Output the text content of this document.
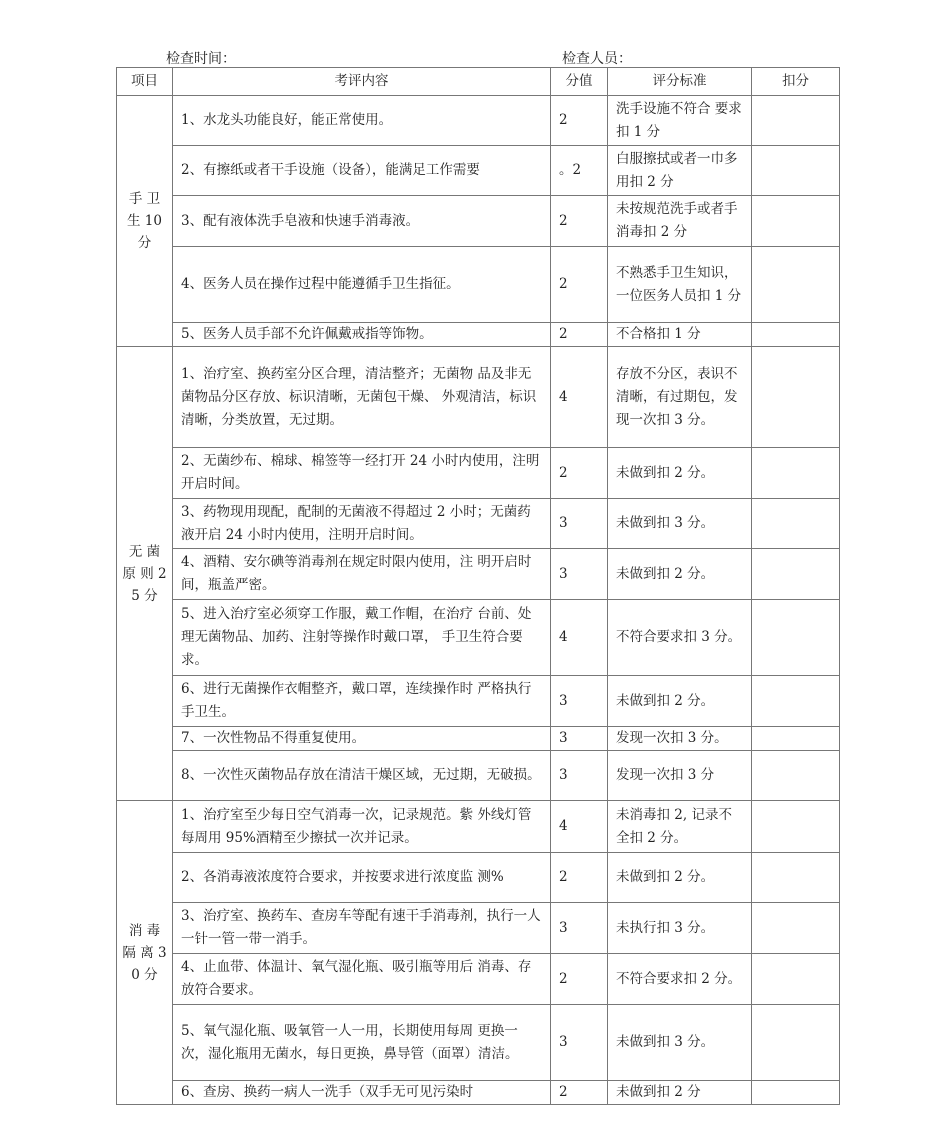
检查时间：	检查人员：
项目	考评内容	分值	评分标准	扣分
手 卫 生 10 分	1、水龙头功能良好，能正常使用。	2	洗手设施不符合 要求扣 1 分	
	2、有擦纸或者干手设施（设备），能满足工作需要	。2	白服擦拭或者一巾多用扣 2 分	
	3、配有液体洗手皂液和快速手消毒液。	2	未按规范洗手或者手消毒扣 2 分	
	4、医务人员在操作过程中能遵循手卫生指征。	2	不熟悉手卫生知识，一位医务人员扣 1 分	
	5、医务人员手部不允许佩戴戒指等饰物。	2	不合格扣 1 分	
无 菌 原 则 2 5 分	1、治疗室、换药室分区合理，清洁整齐；无菌物 品及非无菌物品分区存放、标识清晰，无菌包干燥、 外观清洁，标识清晰，分类放置，无过期。	4	存放不分区，表识不清晰，有过期包，发现一次扣 3 分。	
	2、无菌纱布、棉球、棉签等一经打开 24 小时内使用，注明开启时间。	2	未做到扣 2 分。	
	3、药物现用现配，配制的无菌液不得超过 2 小时；无菌药液开启 24 小时内使用，注明开启时间。	3	未做到扣 3 分。	
	4、酒精、安尔碘等消毒剂在规定时限内使用，注 明开启时间，瓶盖严密。	3	未做到扣 2 分。	
	5、进入治疗室必须穿工作服，戴工作帽，在治疗 台前、处理无菌物品、加药、注射等操作时戴口罩， 手卫生符合要求。	4	不符合要求扣 3 分。	
	6、进行无菌操作衣帽整齐，戴口罩，连续操作时 严格执行手卫生。	3	未做到扣 2 分。	
	7、一次性物品不得重复使用。	3	发现一次扣 3 分。	
	8、一次性灭菌物品存放在清洁干燥区域，无过期，无破损。	3	发现一次扣 3 分	
消 毒 隔 离 3 0 分	1、治疗室至少每日空气消毒一次，记录规范。紫 外线灯管每周用 95%酒精至少擦拭一次并记录。	4	未消毒扣 2, 记录不全扣 2 分。	
	2、各消毒液浓度符合要求，并按要求进行浓度监 测%	2	未做到扣 2 分。	
	3、治疗室、换药车、查房车等配有速干手消毒剂，执行一人一针一管一带一消手。	3	未执行扣 3 分。	
	4、止血带、体温计、氧气湿化瓶、吸引瓶等用后 消毒、存放符合要求。	2	不符合要求扣 2 分。	
	5、氧气湿化瓶、吸氧管一人一用，长期使用每周 更换一次，湿化瓶用无菌水，每日更换，鼻导管（面罩）清洁。	3	未做到扣 3 分。	
	6、查房、换药一病人一洗手（双手无可见污染时	2	未做到扣 2 分	
